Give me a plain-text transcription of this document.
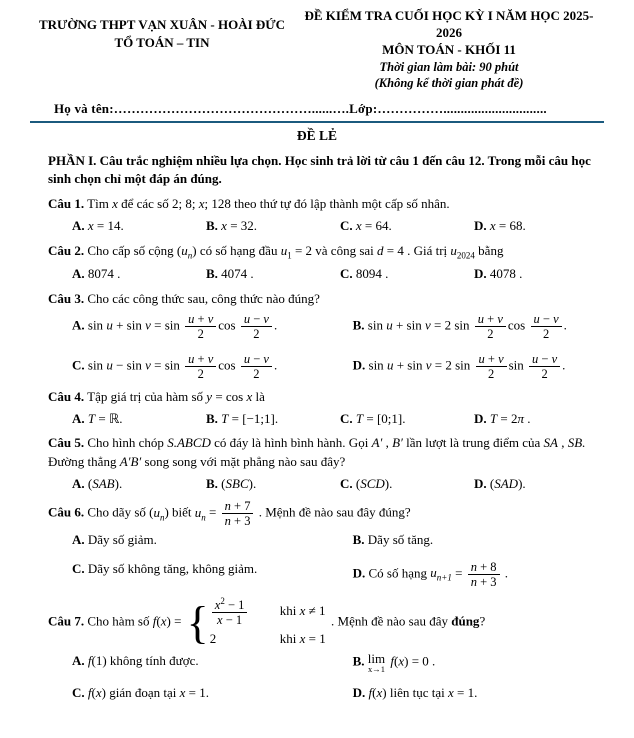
TRƯỜNG THPT VẠN XUÂN - HOÀI ĐỨC
TỔ TOÁN – TIN
ĐỀ KIỂM TRA CUỐI HỌC KỲ I NĂM HỌC 2025-2026
MÔN TOÁN - KHỐI 11
Thời gian làm bài: 90 phút
(Không kể thời gian phát đề)
Họ và tên:………………………………………......….Lớp:……………..............................
ĐỀ LẺ
PHẦN I. Câu trắc nghiệm nhiều lựa chọn. Học sinh trả lời từ câu 1 đến câu 12. Trong mỗi câu học sinh chọn chỉ một đáp án đúng.
Câu 1. Tìm x để các số 2; 8; x; 128 theo thứ tự đó lập thành một cấp số nhân.
A. x = 14.	B. x = 32.	C. x = 64.	D. x = 68.
Câu 2. Cho cấp số cộng $(u_n)$ có số hạng đầu $u_1 = 2$ và công sai d = 4 . Giá trị $u_{2024}$ bằng
A. 8074 .	B. 4074 .	C. 8094 .	D. 4078 .
Câu 3. Cho các công thức sau, công thức nào đúng?
A. $\sin u + \sin v = \sin \frac{u + v}{2}$ $\cos \frac{u - v}{2}$ .	B. sin u + sin v = 2 $\sin \frac{u + v}{2}$ $\cos \frac{u - v}{2}$ .
C. $\sin u - \sin v = \sin \frac{u + v}{2}$ $\cos \frac{u - v}{2}$ .	D. sin u + sin v = 2 $\sin \frac{u + v}{2}$ $\sin \frac{u - v}{2}$ .
Câu 4. Tập giá trị của hàm số y = cos x là
A. T = ℝ.	B. T = [−1;1].	C. T = [0;1].	D. T = 2π .
Câu 5. Cho hình chóp S.ABCD có đáy là hình bình hành. Gọi A′ , B′ lần lượt là trung điểm của SA , SB. Đường thẳng A′B′ song song với mặt phẳng nào sau đây?
A. (SAB).	B. (SBC).	C. (SCD).	D. (SAD).
Câu 6. Cho dãy số $(u_n)$ biết $u_n = \frac{n + 7}{n + 3}$ . Mệnh đề nào sau đây đúng?
A. Dãy số giảm.	B. Dãy số tăng.
C. Dãy số không tăng, không giảm.	D. Có số hạng $u_{n+1} = \frac{n + 8}{n + 3}$ .
Câu 7. Cho hàm số f(x) = { $\frac{x^2 - 1}{x - 1}$ khi x ≠ 1
2	khi x = 1
. Mệnh đề nào sau đây đúng?
A. f(1) không tính được.	B. lim
x→1
f(x) = 0 .
C. f(x) gián đoạn tại x = 1.	D. f(x) liên tục tại x = 1.
